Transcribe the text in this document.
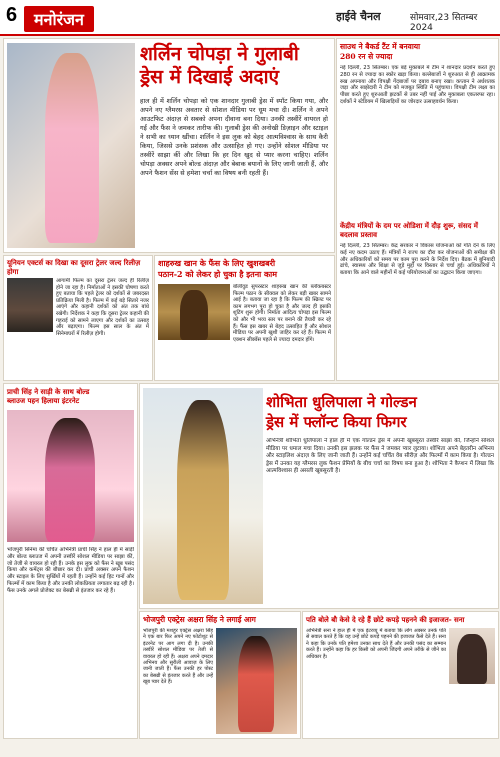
6	मनोरंजन	हाईवे चैनल	सोमवार,23 सितम्बर 2024
शर्लिन चोपड़ा ने गुलाबी
ड्रेस में दिखाई अदाएं
हाल ही में शर्लिन चोपड़ा को एक शानदार गुलाबी ड्रेस में स्पॉट किया गया, और अपने नए ग्लैमरस अवतार से सोशल मीडिया पर धूम मचा दी। शर्लिन ने अपने आउटफिट अंदाज़ से सबको अपना दीवाना बना दिया। उनकी तस्वीरें वायरल हो गईं और फैंस ने जमकर तारीफ की। गुलाबी ड्रेस की अनोखी डिज़ाइन और स्टाइल ने सभी का ध्यान खींचा। शर्लिन ने इस लुक को बेहद आत्मविश्वास के साथ कैरी किया, जिससे उनके प्रशंसक और उत्साहित हो गए। उन्होंने सोशल मीडिया पर तस्वीरें साझा कीं और लिखा कि हर दिन खुद से प्यार करना चाहिए। शर्लिन चोपड़ा अक्सर अपने बोल्ड अंदाज़ और बेबाक बयानों के लिए जानी जाती हैं, और अपने फैशन सेंस से हमेशा चर्चा का विषय बनी रहती हैं।
यूनियन एक्टर्स का दिखा का दूसरा ट्रेलर जल्द रिलीज़ होगा
आगामी फिल्म का दूसरा ट्रेलर जल्द ही रिलीज़ होने जा रहा है। निर्माताओं ने इसकी घोषणा करते हुए बताया कि पहले ट्रेलर को दर्शकों से जबरदस्त प्रतिक्रिया मिली है। फिल्म में कई बड़े सितारे नजर आएंगे और कहानी दर्शकों को अंत तक बांधे रखेगी। निर्देशक ने कहा कि दूसरा ट्रेलर कहानी की गहराई को सामने लाएगा और दर्शकों का उत्साह और बढ़ाएगा। फिल्म इस साल के अंत में सिनेमाघरों में रिलीज़ होगी।
शाहरुख खान के फैंस के लिए खुशखबरी
पठान-2 को लेकर हो चुका है इतना काम
बॉलीवुड सुपरस्टार शाहरुख खान की ब्लॉकबस्टर फिल्म पठान के सीक्वल को लेकर बड़ी खबर सामने आई है। बताया जा रहा है कि फिल्म की स्क्रिप्ट पर काम लगभग पूरा हो चुका है और जल्द ही इसकी शूटिंग शुरू होगी। निर्माता आदित्य चोपड़ा इस फिल्म को और भी भव्य स्तर पर बनाने की तैयारी कर रहे हैं। फैंस इस खबर से बेहद उत्साहित हैं और सोशल मीडिया पर अपनी खुशी जाहिर कर रहे हैं। फिल्म में एक्शन सीक्वेंस पहले से ज्यादा दमदार होंगे।
साउथ ने बैकर्ड टैंट में बनवाया
280 रन से ज्यादा
नई दिल्ली, 23 सितम्बर। एक बड़े मुकाबले में टीम ने शानदार प्रदर्शन करते हुए 280 रन से ज्यादा का स्कोर खड़ा किया। बल्लेबाजों ने शुरुआत से ही आक्रामक रुख अपनाया और विपक्षी गेंदबाजों पर दबाव बनाए रखा। कप्तान ने अर्धशतक जड़ा और साझेदारी ने टीम को मजबूत स्थिति में पहुंचाया। विपक्षी टीम लक्ष्य का पीछा करते हुए शुरुआती झटकों से उबर नहीं पाई और मुकाबला एकतरफा रहा। दर्शकों ने स्टेडियम में खिलाड़ियों का जोरदार उत्साहवर्धन किया।
केंद्रीय मंत्रियों के दम पर ओडिशा में दौड़ शुरू, संसद में बदलाव प्रस्ताव
नई दिल्ली, 23 सितम्बर। केंद्र सरकार ने विकास योजनाओं को गति देने के लिए कई नए कदम उठाए हैं। मंत्रियों ने राज्य का दौरा कर योजनाओं की समीक्षा की और अधिकारियों को समय पर काम पूरा करने के निर्देश दिए। बैठक में बुनियादी ढांचे, स्वास्थ्य और शिक्षा से जुड़े मुद्दों पर विस्तार से चर्चा हुई। अधिकारियों ने बताया कि आने वाले महीनों में कई परियोजनाओं का उद्घाटन किया जाएगा।
प्राची सिंह ने साड़ी के साथ बोल्ड
ब्लाउज पहन हिलाया इंटरनेट
भोजपुरी सिनेमा की चर्चित अभिनेत्री प्राची सिंह ने हाल ही में साड़ी और बोल्ड ब्लाउज में अपनी तस्वीरें सोशल मीडिया पर साझा कीं, जो तेजी से वायरल हो रही हैं। उनके इस लुक को फैंस ने खूब पसंद किया और कमेंट्स की बौछार कर दी। प्राची अक्सर अपने फैशन और स्टाइल के लिए सुर्खियों में रहती हैं। उन्होंने कई हिट गानों और फिल्मों में काम किया है और उनकी लोकप्रियता लगातार बढ़ रही है। फैंस उनके अगले प्रोजेक्ट का बेसब्री से इंतजार कर रहे हैं।
शोभिता धुलिपाला ने गोल्डन
ड्रेस में फ्लॉन्ट किया फिगर
अभिनेत्री शोभिता धुलिपाला ने हाल ही में एक गोल्डन ड्रेस में अपनी खूबसूरत तस्वीरें साझा कीं, जिन्होंने सोशल मीडिया पर धमाल मचा दिया। उनकी इस झलक पर फैंस ने जमकर प्यार लुटाया। शोभिता अपने बेहतरीन अभिनय और स्टाइलिश अंदाज़ के लिए जानी जाती हैं। उन्होंने कई चर्चित वेब सीरीज़ और फिल्मों में काम किया है। गोल्डन ड्रेस में उनका यह ग्लैमरस लुक फैशन प्रेमियों के बीच चर्चा का विषय बना हुआ है। शोभिता ने कैप्शन में लिखा कि आत्मविश्वास ही असली खूबसूरती है।
भोजपुरी एक्ट्रेस अक्षरा सिंह ने लगाई आग
भोजपुरी की मशहूर एक्ट्रेस अक्षरा सिंह ने एक बार फिर अपने नए फोटोशूट से इंटरनेट पर आग लगा दी है। उनकी तस्वीरें सोशल मीडिया पर तेजी से वायरल हो रही हैं। अक्षरा अपने दमदार अभिनय और सुरीली आवाज़ के लिए जानी जाती हैं। फैंस उनकी हर पोस्ट का बेसब्री से इंतजार करते हैं और उन्हें खूब प्यार देते हैं।
पति बोले बौ केसे दे रहे हैं छोटे कपड़े पहनने की इजाजत- सना
अभिनेत्री सना ने हाल ही में एक इंटरव्यू में बताया कि लोग अक्सर उनके पति से सवाल करते हैं कि वह उन्हें छोटे कपड़े पहनने की इजाजत कैसे देते हैं। सना ने कहा कि उनके पति हमेशा उनका साथ देते हैं और उनकी पसंद का सम्मान करते हैं। उन्होंने कहा कि हर किसी को अपनी जिंदगी अपने तरीके से जीने का अधिकार है।
